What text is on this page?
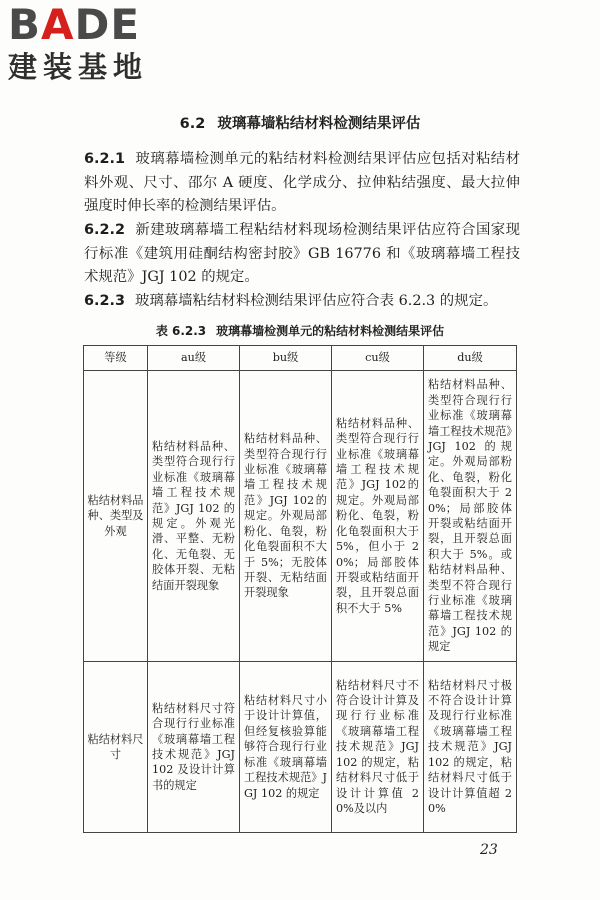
BADE
建装基地
6.2 玻璃幕墙粘结材料检测结果评估

6.2.1 玻璃幕墙检测单元的粘结材料检测结果评估应包括对粘结材料外观、尺寸、邵尔 A 硬度、化学成分、拉伸粘结强度、最大拉伸强度时伸长率的检测结果评估。

6.2.2 新建玻璃幕墙工程粘结材料现场检测结果评估应符合国家现行标准《建筑用硅酮结构密封胶》GB 16776 和《玻璃幕墙工程技术规范》JGJ 102 的规定。

6.2.3 玻璃幕墙粘结材料检测结果评估应符合表 6.2.3 的规定。

表 6.2.3 玻璃幕墙检测单元的粘结材料检测结果评估
等级	au级	bu级	cu级	du级
粘结材料品种、类型及外观	粘结材料品种、类型符合现行行业标准《玻璃幕墙工程技术规范》JGJ 102 的规定。外观光滑、平整、无粉化、无龟裂、无胶体开裂、无粘结面开裂现象	粘结材料品种、类型符合现行行业标准《玻璃幕墙工程技术规范》JGJ 102的规定。外观局部粉化、龟裂，粉化龟裂面积不大于 5%；无胶体开裂、无粘结面开裂现象	粘结材料品种、类型符合现行行业标准《玻璃幕墙工程技术规范》JGJ 102的规定。外观局部粉化、龟裂，粉化龟裂面积大于 5%，但小于 20%；局部胶体开裂或粘结面开裂，且开裂总面积不大于 5%	粘结材料品种、类型符合现行行业标准《玻璃幕墙工程技术规范》JGJ 102 的规定。外观局部粉化、龟裂，粉化龟裂面积大于 20%；局部胶体开裂或粘结面开裂，且开裂总面积大于 5%。或粘结材料品种、类型不符合现行行业标准《玻璃幕墙工程技术规范》JGJ 102 的规定
粘结材料尺寸	粘结材料尺寸符合现行行业标准《玻璃幕墙工程技术规范》JGJ 102 及设计计算书的规定	粘结材料尺寸小于设计计算值，但经复核验算能够符合现行行业标准《玻璃幕墙工程技术规范》JGJ 102 的规定	粘结材料尺寸不符合设计计算及现行行业标准《玻璃幕墙工程技术规范》JGJ 102 的规定，粘结材料尺寸低于设计计算值 20%及以内	粘结材料尺寸极不符合设计计算及现行行业标准《玻璃幕墙工程技术规范》JGJ 102 的规定，粘结材料尺寸低于设计计算值超 20%
23
